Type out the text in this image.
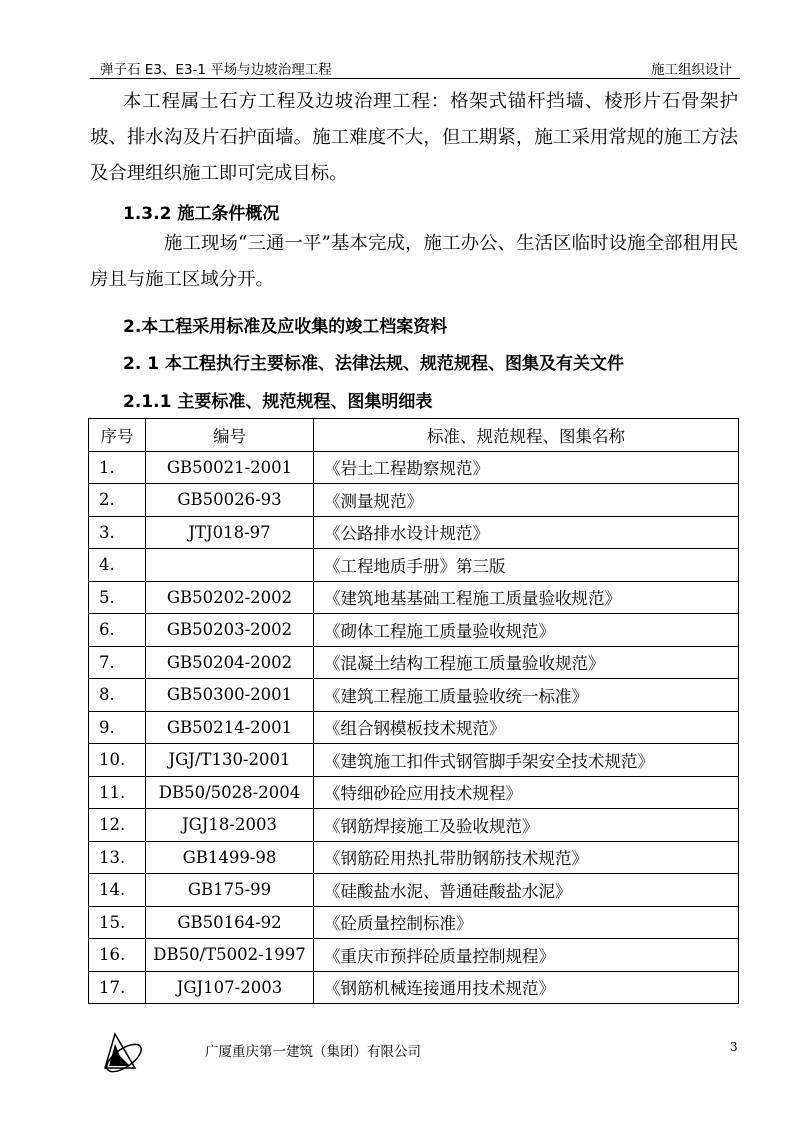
弹子石 E3、E3-1 平场与边坡治理工程	施工组织设计
本工程属土石方工程及边坡治理工程：格架式锚杆挡墙、棱形片石骨架护坡、排水沟及片石护面墙。施工难度不大，但工期紧，施工采用常规的施工方法及合理组织施工即可完成目标。
1.3.2 施工条件概况
施工现场“三通一平”基本完成，施工办公、生活区临时设施全部租用民房且与施工区域分开。
2.本工程采用标准及应收集的竣工档案资料
2. 1 本工程执行主要标准、法律法规、规范规程、图集及有关文件
2.1.1 主要标准、规范规程、图集明细表
序号	编号	标准、规范规程、图集名称
1.	GB50021-2001	《岩土工程勘察规范》
2.	GB50026-93	《测量规范》
3.	JTJ018-97	《公路排水设计规范》
4.		《工程地质手册》第三版
5.	GB50202-2002	《建筑地基基础工程施工质量验收规范》
6.	GB50203-2002	《砌体工程施工质量验收规范》
7.	GB50204-2002	《混凝土结构工程施工质量验收规范》
8.	GB50300-2001	《建筑工程施工质量验收统一标准》
9.	GB50214-2001	《组合钢模板技术规范》
10.	JGJ/T130-2001	《建筑施工扣件式钢管脚手架安全技术规范》
11.	DB50/5028-2004	《特细砂砼应用技术规程》
12.	JGJ18-2003	《钢筋焊接施工及验收规范》
13.	GB1499-98	《钢筋砼用热扎带肋钢筋技术规范》
14.	GB175-99	《硅酸盐水泥、普通硅酸盐水泥》
15.	GB50164-92	《砼质量控制标准》
16.	DB50/T5002-1997	《重庆市预拌砼质量控制规程》
17.	JGJ107-2003	《钢筋机械连接通用技术规范》
广厦重庆第一建筑（集团）有限公司	3
